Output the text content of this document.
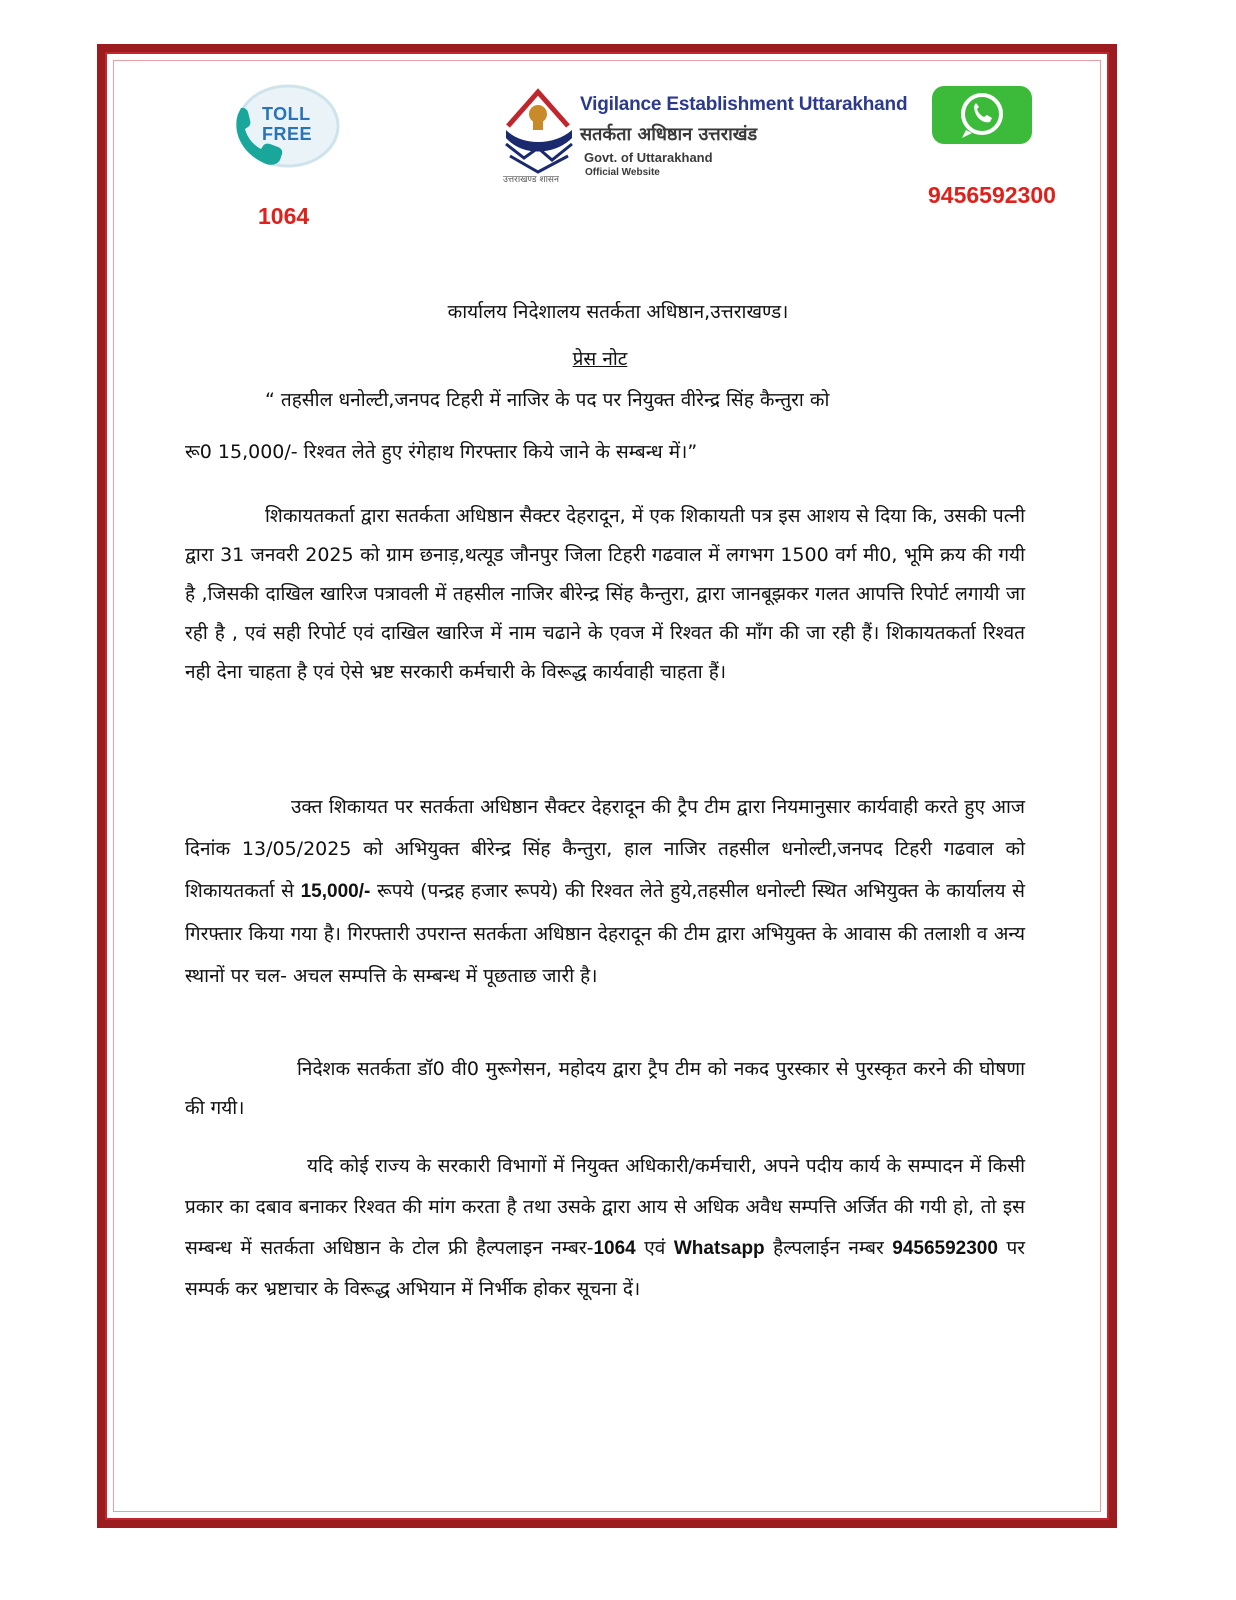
TOLL
FREE
1064
Vigilance Establishment Uttarakhand
सतर्कता अधिष्ठान उत्तराखंड
Govt. of Uttarakhand
उत्तराखण्ड शासन
Official Website
9456592300
कार्यालय निदेशालय सतर्कता अधिष्ठान,उत्तराखण्ड।
प्रेस नोट
“ तहसील धनोल्टी,जनपद टिहरी में नाजिर के पद पर नियुक्त वीरेन्द्र सिंह कैन्तुरा को
रू0 15,000/- रिश्वत लेते हुए रंगेहाथ गिरफ्तार किये जाने के सम्बन्ध में।”
शिकायतकर्ता द्वारा सतर्कता अधिष्ठान सैक्टर देहरादून, में एक शिकायती पत्र इस आशय से दिया कि, उसकी पत्नी द्वारा 31 जनवरी 2025 को ग्राम छनाड़,थत्यूड जौनपुर जिला टिहरी गढवाल में लगभग 1500 वर्ग मी0, भूमि क्रय की गयी है ,जिसकी दाखिल खारिज पत्रावली में तहसील नाजिर बीरेन्द्र सिंह कैन्तुरा, द्वारा जानबूझकर गलत आपत्ति रिपोर्ट लगायी जा रही है , एवं सही रिपोर्ट एवं दाखिल खारिज में नाम चढाने के एवज में रिश्वत की माँग की जा रही हैं। शिकायतकर्ता रिश्वत नही देना चाहता है एवं ऐसे भ्रष्ट सरकारी कर्मचारी के विरूद्ध कार्यवाही चाहता हैं।
उक्त शिकायत पर सतर्कता अधिष्ठान सैक्टर देहरादून की ट्रैप टीम द्वारा नियमानुसार कार्यवाही करते हुए आज दिनांक 13/05/2025 को अभियुक्त बीरेन्द्र सिंह कैन्तुरा, हाल नाजिर तहसील धनोल्टी,जनपद टिहरी गढवाल को शिकायतकर्ता से 15,000/- रूपये (पन्द्रह हजार रूपये) की रिश्वत लेते हुये,तहसील धनोल्टी स्थित अभियुक्त के कार्यालय से गिरफ्तार किया गया है। गिरफ्तारी उपरान्त सतर्कता अधिष्ठान देहरादून की टीम द्वारा अभियुक्त के आवास की तलाशी व अन्य स्थानों पर चल- अचल सम्पत्ति के सम्बन्ध में पूछताछ जारी है।
निदेशक सतर्कता डॉ0 वी0 मुरूगेसन, महोदय द्वारा ट्रैप टीम को नकद पुरस्कार से पुरस्कृत करने की घोषणा की गयी।
यदि कोई राज्य के सरकारी विभागों में नियुक्त अधिकारी/कर्मचारी, अपने पदीय कार्य के सम्पादन में किसी प्रकार का दबाव बनाकर रिश्वत की मांग करता है तथा उसके द्वारा आय से अधिक अवैध सम्पत्ति अर्जित की गयी हो, तो इस सम्बन्ध में सतर्कता अधिष्ठान के टोल फ्री हैल्पलाइन नम्बर-1064 एवं Whatsapp हैल्पलाईन नम्बर 9456592300 पर सम्पर्क कर भ्रष्टाचार के विरूद्ध अभियान में निर्भीक होकर सूचना दें।
